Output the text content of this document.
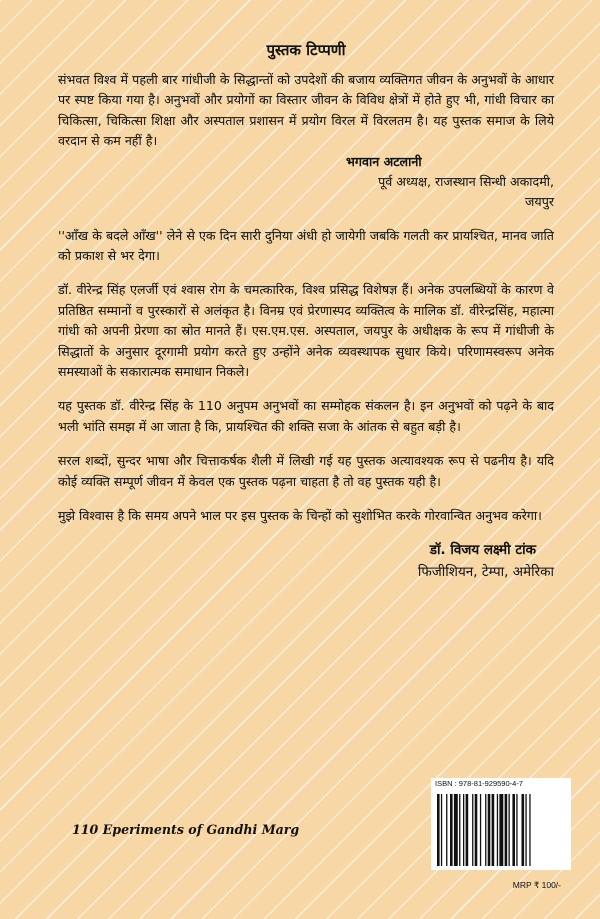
पुस्तक टिप्पणी

संभवत विश्व में पहली बार गांधीजी के सिद्धान्तों को उपदेशों की बजाय व्यक्तिगत जीवन के अनुभवों के आधार पर स्पष्ट किया गया है। अनुभवों और प्रयोगों का विस्तार जीवन के विविध क्षेत्रों में होते हुए भी, गांधी विचार का चिकित्सा, चिकित्सा शिक्षा और अस्पताल प्रशासन में प्रयोग विरल में विरलतम है। यह पुस्तक समाज के लिये वरदान से कम नहीं है।

भगवान अटलानी
पूर्व अध्यक्ष, राजस्थान सिन्धी अकादमी,
जयपुर

''आँख के बदले आँख'' लेने से एक दिन सारी दुनिया अंधी हो जायेगी जबकि गलती कर प्रायश्चित, मानव जाति को प्रकाश से भर देगा।

डॉ. वीरेन्द्र सिंह एलर्जी एवं श्वास रोग के चमत्कारिक, विश्व प्रसिद्ध विशेषज्ञ हैं। अनेक उपलब्धियों के कारण वे प्रतिष्ठित सम्मानों व पुरस्कारों से अलंकृत है। विनम्र एवं प्रेरणास्पद व्यक्तित्व के मालिक डॉ. वीरेन्द्रसिंह, महात्मा गांधी को अपनी प्रेरणा का स्रोत मानते हैं। एस.एम.एस. अस्पताल, जयपुर के अधीक्षक के रूप में गांधीजी के सिद्धातों के अनुसार दूरगामी प्रयोग करते हुए उन्होंने अनेक व्यवस्थापक सुधार किये। परिणामस्वरूप अनेक समस्याओं के सकारात्मक समाधान निकले।

यह पुस्तक डॉ. वीरेन्द्र सिंह के 110 अनुपम अनुभवों का सम्मोहक संकलन है। इन अनुभवों को पढ़ने के बाद भली भांति समझ में आ जाता है कि, प्रायश्चित की शक्ति सजा के आंतक से बहुत बड़ी है।

सरल शब्दों, सुन्दर भाषा और चित्ताकर्षक शैली में लिखी गई यह पुस्तक अत्यावश्यक रूप से पढनीय है। यदि कोई व्यक्ति सम्पूर्ण जीवन में केवल एक पुस्तक पढ़ना चाहता है तो वह पुस्तक यही है।

मुझे विश्वास है कि समय अपने भाल पर इस पुस्तक के चिन्हों को सुशोभित करके गोरवान्वित अनुभव करेगा।

डॉ. विजय लक्ष्मी टांक
फिजीशियन, टेम्पा, अमेरिका
110 Eperiments of Gandhi Marg
ISBN : 978-81-929590-4-7
MRP ₹ 100/-
